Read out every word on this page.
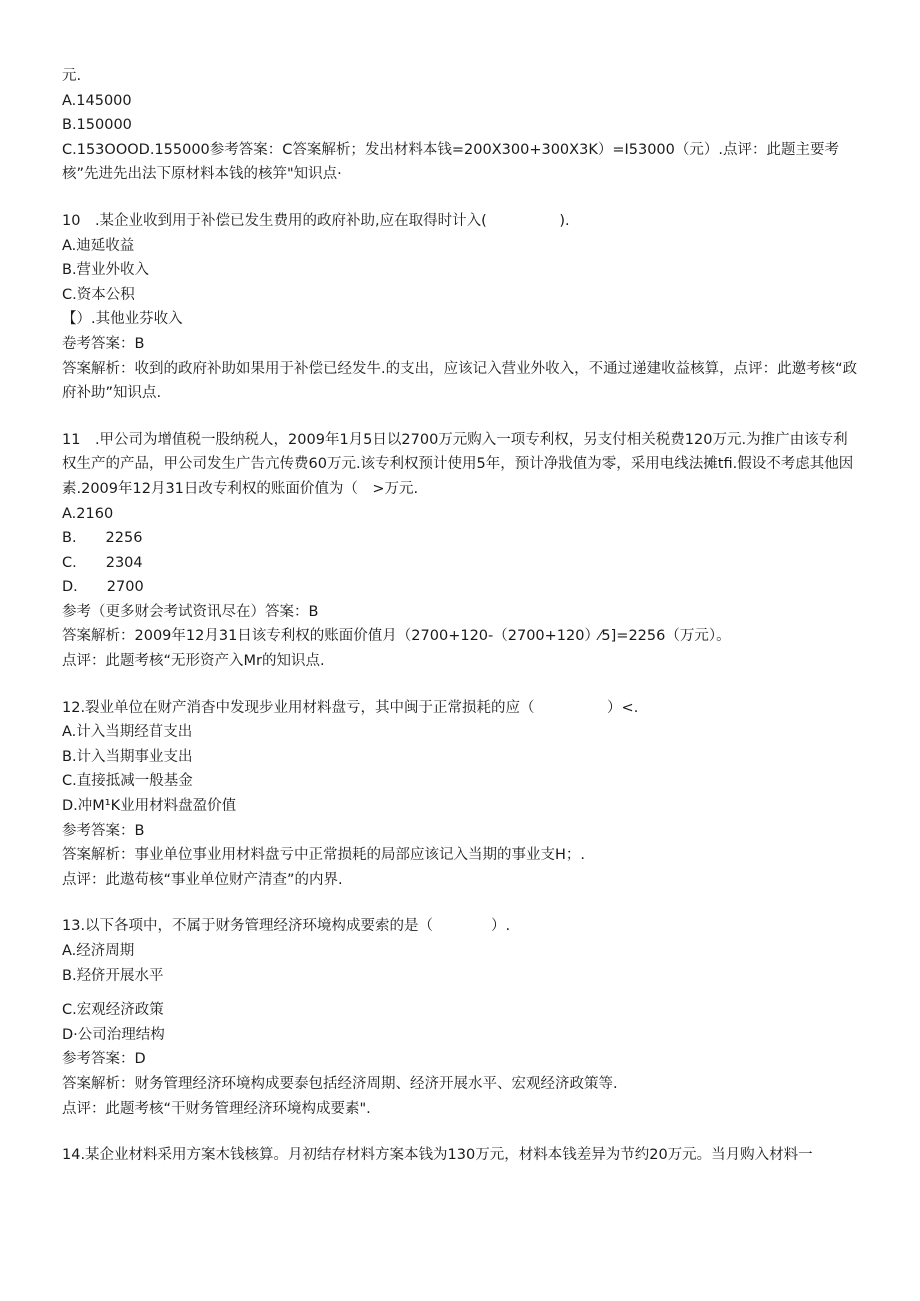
元.
A.145000
B.150000
C.153OOOD.155000参考答案：C答案解析；发出材料本钱=200X300+300X3K）=I53000（元）.点评：此题主要考核”先进先出法下原材料本钱的核笄"知识点·
10　.某企业收到用于补偿已发生费用的政府补助,应在取得时计入(　　　　　).
A.迪延收益
B.营业外收入
C.资本公积
【）.其他业芬收入
卷考答案：B
答案解析：收到的政府补助如果用于补偿已经发牛.的支出，应该记入营业外收入，不通过递建收益核算，点评：此邀考核“政府补助”知识点.
11　.甲公司为增值税一股纳税人，2009年1月5日以2700万元购入一项专利权，另支付相关税费120万元.为推广由该专利权生产的产品，甲公司发生广告亢传费60万元.该专利权预计使用5年，预计净戕值为零，采用电线法摊tfi.假设不考虑其他因素.2009年12月31日改专利权的账面价值为（　>万元.
A.2160
B.　　2256
C.　　2304
D.　　2700
参考（更多财会考试资讯尽在）答案：B
答案解析：2009年12月31日该专利权的账面价值月（2700+120-（2700+120）⁄5]=2256（万元）。
点评：此题考核“无形资产入Mr的知识点.
12.裂业单位在财产消杳中发现步业用材料盘亏，其中闽于正常损耗的应（　　　　　）<.
A.计入当期经苜支出
B.计入当期事业支出
C.直接抵减一般基金
D.冲M¹K业用材料盘盈价值
参考答案：B
答案解析：事业单位事业用材料盘亏中正常损耗的局部应该记入当期的事业支H；.
点评：此遨苟核“事业单位财产清查”的内界.
13.以下各项中，不属于财务管理经济环境构成要索的是（　　　　）.
A.经济周期
B.羟侪开展水平
C.宏观经济政策
D·公司治理结构
参考答案：D
答案解析：财务管理经济环境构成要泰包括经济周期、经济开展水平、宏观经济政策等.
点评：此题考核“干财务管理经济环境构成要素".
14.某企业材料采用方案木钱核算。月初结存材料方案本钱为130万元，材料本钱差异为节约20万元。当月购入材料一
